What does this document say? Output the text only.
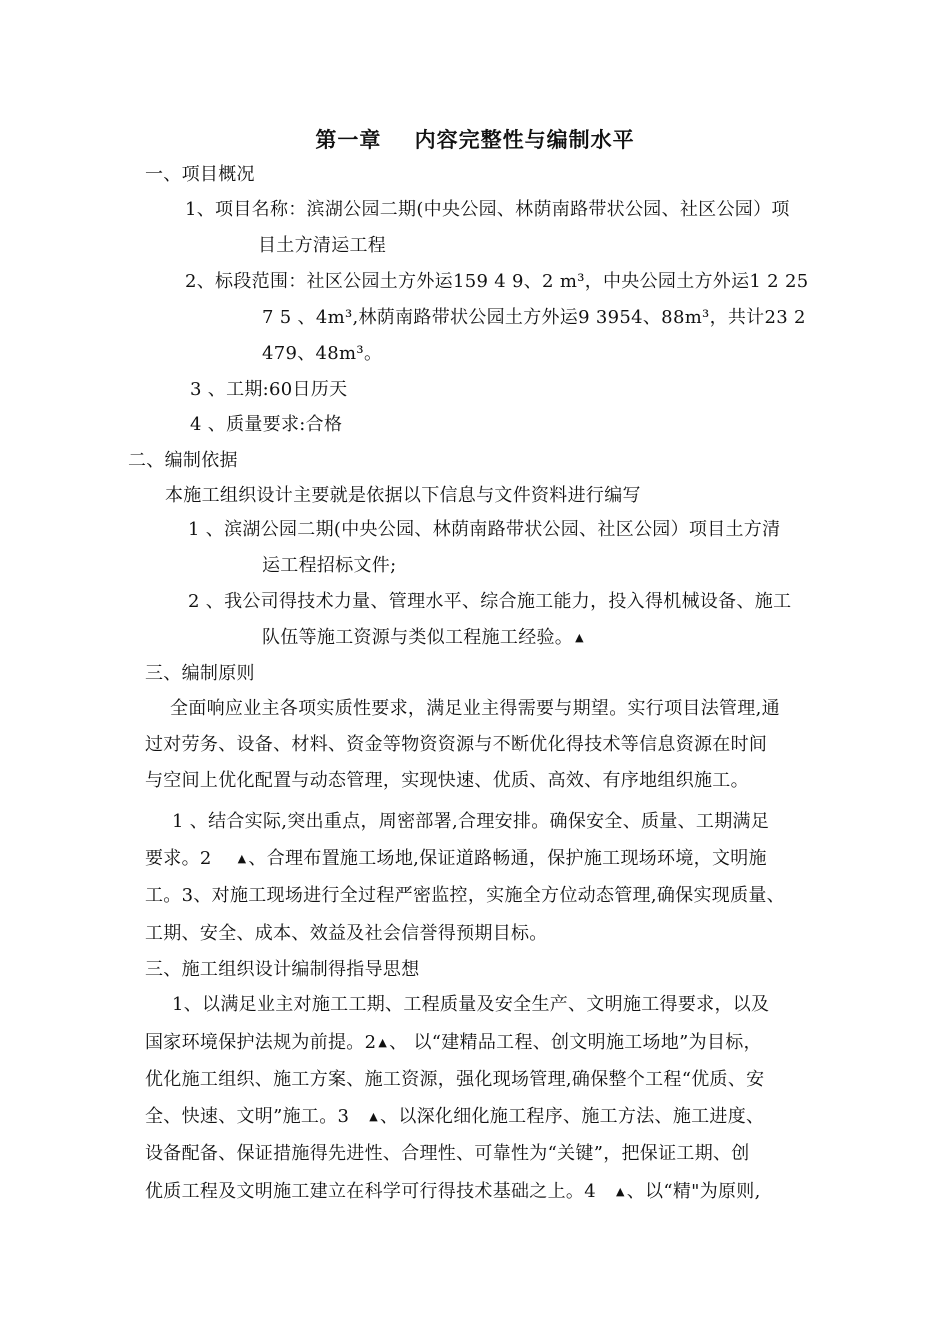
第一章    内容完整性与编制水平
一、项目概况
1、项目名称：滨湖公园二期(中央公园、林荫南路带状公园、社区公园）项
目土方清运工程
2、标段范围：社区公园土方外运159 4 9、2 m³，中央公园土方外运1 2 25
7 5 、4m³,林荫南路带状公园土方外运9 3954、88m³，共计23 2
479、48m³。
3 、工期:60日历天
4 、质量要求:合格
二、编制依据
本施工组织设计主要就是依据以下信息与文件资料进行编写
1 、滨湖公园二期(中央公园、林荫南路带状公园、社区公园）项目土方清
运工程招标文件;
2 、我公司得技术力量、管理水平、综合施工能力，投入得机械设备、施工
队伍等施工资源与类似工程施工经验。 ▲
三、编制原则
全面响应业主各项实质性要求，满足业主得需要与期望。实行项目法管理,通
过对劳务、设备、材料、资金等物资资源与不断优化得技术等信息资源在时间
与空间上优化配置与动态管理，实现快速、优质、高效、有序地组织施工。
1 、结合实际,突出重点，周密部署,合理安排。确保安全、质量、工期满足
要求。2 ▲ 、合理布置施工场地,保证道路畅通，保护施工现场环境，文明施
工。3、对施工现场进行全过程严密监控，实施全方位动态管理,确保实现质量、
工期、安全、成本、效益及社会信誉得预期目标。
三、施工组织设计编制得指导思想
1、以满足业主对施工工期、工程质量及安全生产、文明施工得要求，以及
国家环境保护法规为前提。2 ▲ 、 以“建精品工程、创文明施工场地”为目标，
优化施工组织、施工方案、施工资源，强化现场管理,确保整个工程“优质、安
全、快速、文明”施工。3 ▲ 、以深化细化施工程序、施工方法、施工进度、
设备配备、保证措施得先进性、合理性、可靠性为“关键”，把保证工期、创
优质工程及文明施工建立在科学可行得技术基础之上。4 ▲ 、以“精"为原则,
